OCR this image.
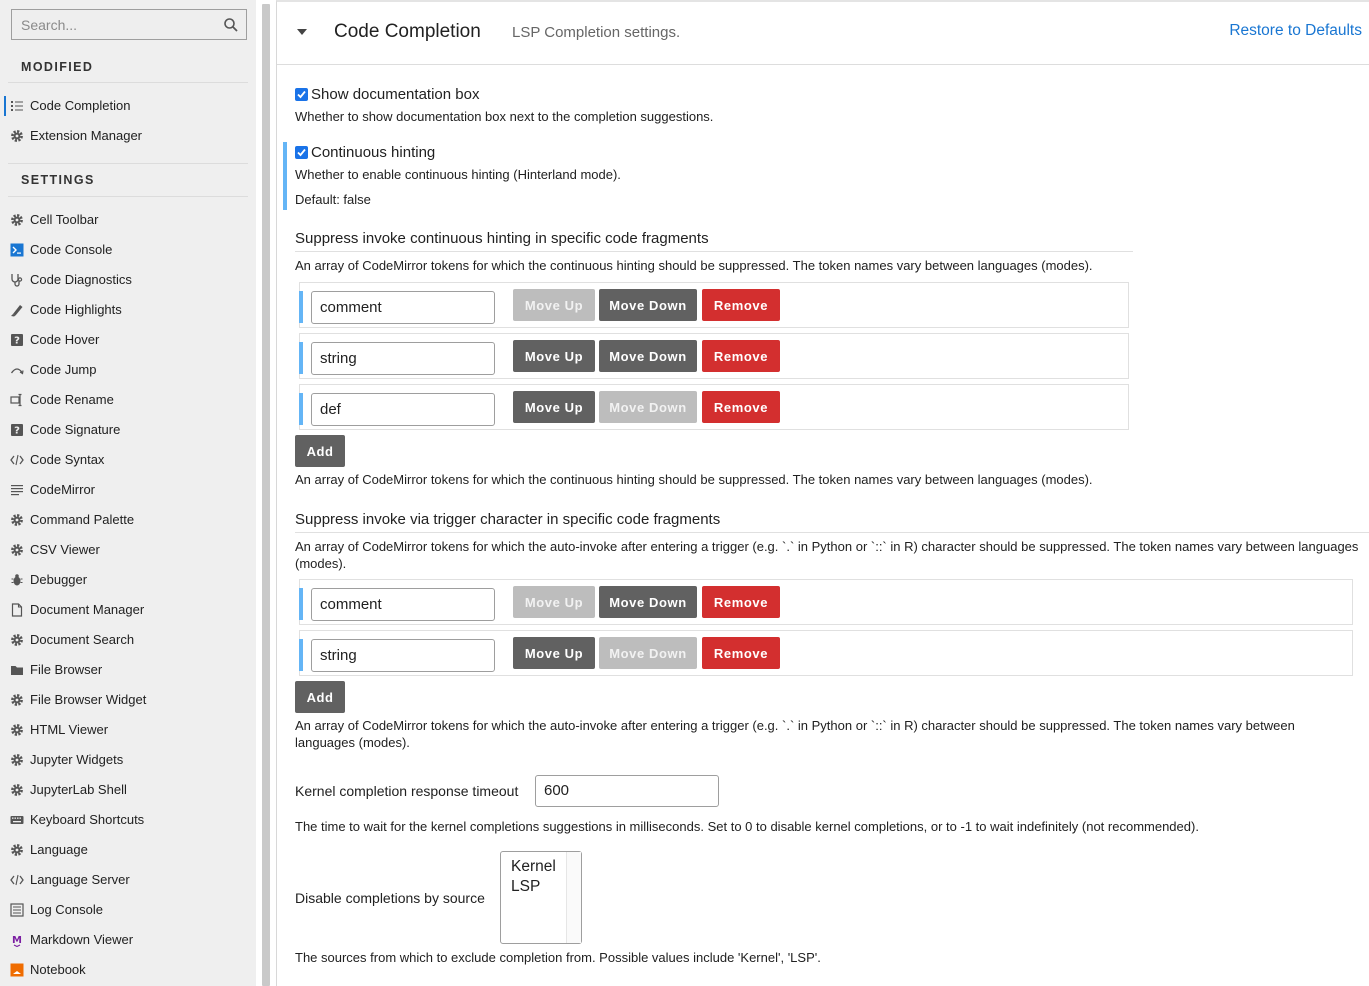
Search...
MODIFIED
Code Completion
Extension Manager
SETTINGS
Cell Toolbar
Code Console
Code Diagnostics
Code Highlights
? Code Hover
Code Jump
Code Rename
? Code Signature
Code Syntax
CodeMirror
Command Palette
CSV Viewer
Debugger
Document Manager
Document Search
File Browser
File Browser Widget
HTML Viewer
Jupyter Widgets
JupyterLab Shell
Keyboard Shortcuts
Language
Language Server
Log Console
M Markdown Viewer
Notebook
Code Completion LSP Completion settings.	Restore to Defaults
Show documentation box
Whether to show documentation box next to the completion suggestions.
Continuous hinting
Whether to enable continuous hinting (Hinterland mode).
Default: false
Suppress invoke continuous hinting in specific code fragments
An array of CodeMirror tokens for which the continuous hinting should be suppressed. The token names vary between languages (modes).
comment	Move Up	Move Down	Remove
string	Move Up	Move Down	Remove
def	Move Up	Move Down	Remove
Add
An array of CodeMirror tokens for which the continuous hinting should be suppressed. The token names vary between languages (modes).
Suppress invoke via trigger character in specific code fragments
An array of CodeMirror tokens for which the auto-invoke after entering a trigger (e.g. `.` in Python or `::` in R) character should be suppressed. The token names vary between languages (modes).
comment	Move Up	Move Down	Remove
string	Move Up	Move Down	Remove
Add
An array of CodeMirror tokens for which the auto-invoke after entering a trigger (e.g. `.` in Python or `::` in R) character should be suppressed. The token names vary between languages (modes).
Kernel completion response timeout	600
The time to wait for the kernel completions suggestions in milliseconds. Set to 0 to disable kernel completions, or to -1 to wait indefinitely (not recommended).
Disable completions by source
Kernel
LSP
The sources from which to exclude completion from. Possible values include 'Kernel', 'LSP'.
